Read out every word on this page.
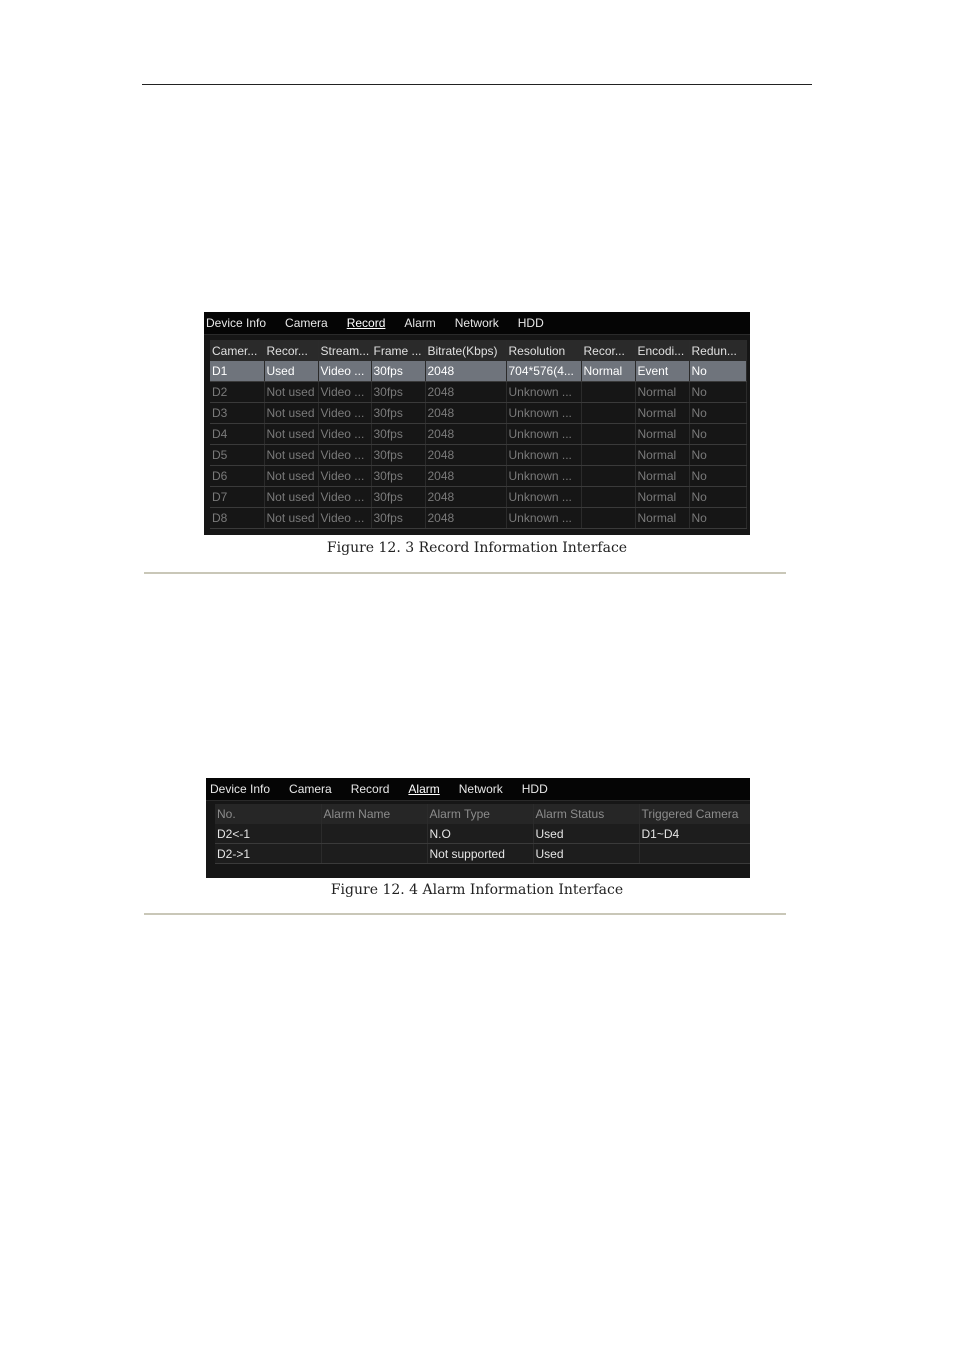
Device Info Camera Record Alarm Network HDD
Camer...	Recor...	Stream...	Frame ...	Bitrate(Kbps)	Resolution	Recor...	Encodi...	Redun...
D1	Used	Video ...	30fps	2048	704*576(4...	Normal	Event	No
D2	Not used	Video ...	30fps	2048	Unknown ...		Normal	No
D3	Not used	Video ...	30fps	2048	Unknown ...		Normal	No
D4	Not used	Video ...	30fps	2048	Unknown ...		Normal	No
D5	Not used	Video ...	30fps	2048	Unknown ...		Normal	No
D6	Not used	Video ...	30fps	2048	Unknown ...		Normal	No
D7	Not used	Video ...	30fps	2048	Unknown ...		Normal	No
D8	Not used	Video ...	30fps	2048	Unknown ...		Normal	No
Figure 12. 3 Record Information Interface
Device Info Camera Record Alarm Network HDD
No.	Alarm Name	Alarm Type	Alarm Status	Triggered Camera
D2<-1		N.O	Used	D1~D4
D2->1		Not supported	Used	
Figure 12. 4 Alarm Information Interface
